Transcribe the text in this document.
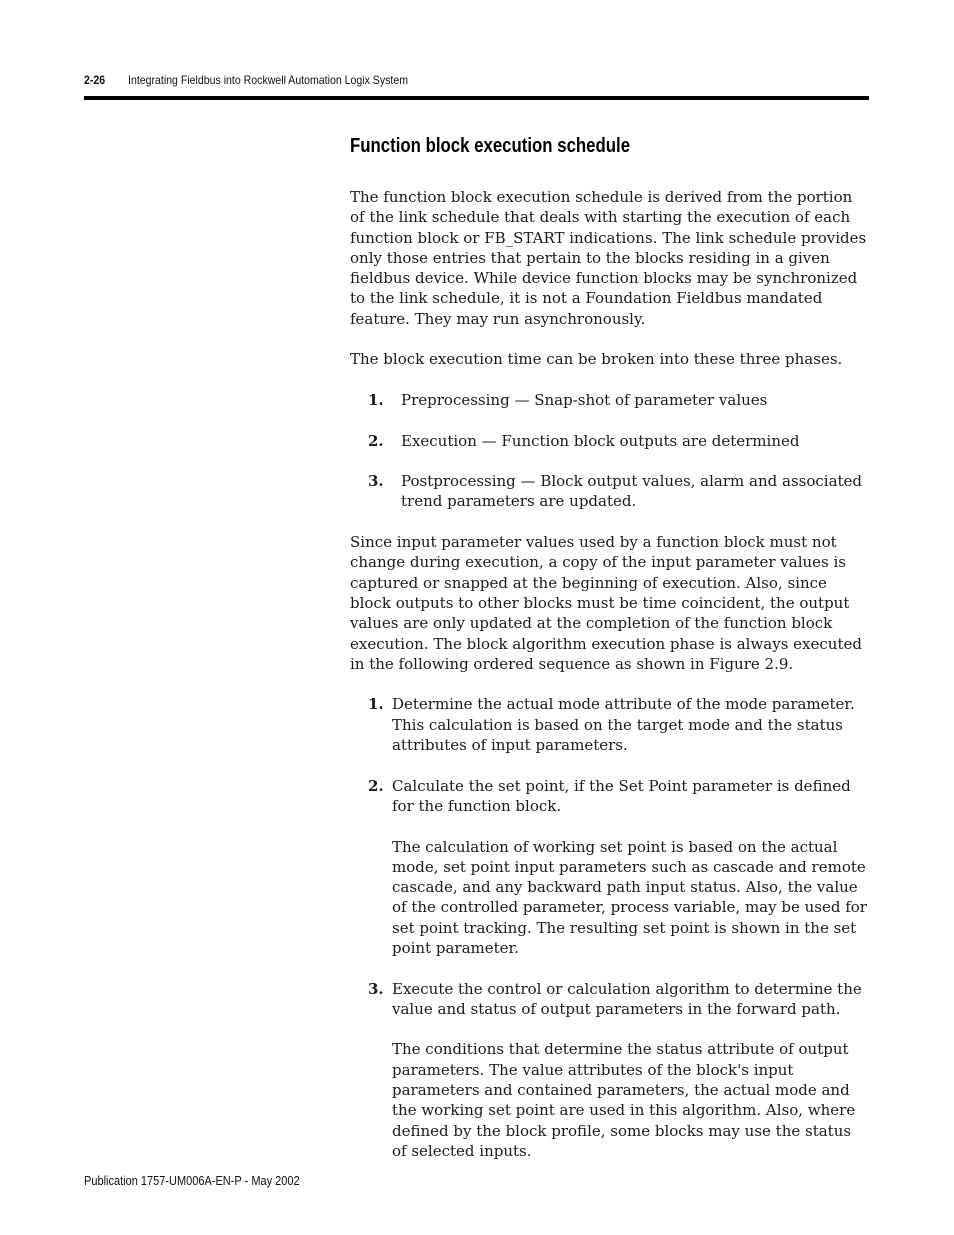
2-26 Integrating Fieldbus into Rockwell Automation Logix System
Function block execution schedule

The function block execution schedule is derived from the portion of the link schedule that deals with starting the execution of each function block or FB_START indications. The link schedule provides only those entries that pertain to the blocks residing in a given fieldbus device. While device function blocks may be synchronized to the link schedule, it is not a Foundation Fieldbus mandated feature. They may run asynchronously.

The block execution time can be broken into these three phases.

1. Preprocessing — Snap-shot of parameter values
2. Execution — Function block outputs are determined
3. Postprocessing — Block output values, alarm and associated trend parameters are updated.

Since input parameter values used by a function block must not change during execution, a copy of the input parameter values is captured or snapped at the beginning of execution. Also, since block outputs to other blocks must be time coincident, the output values are only updated at the completion of the function block execution. The block algorithm execution phase is always executed in the following ordered sequence as shown in Figure 2.9.

1. Determine the actual mode attribute of the mode parameter. This calculation is based on the target mode and the status attributes of input parameters.
2. Calculate the set point, if the Set Point parameter is defined for the function block.
The calculation of working set point is based on the actual mode, set point input parameters such as cascade and remote cascade, and any backward path input status. Also, the value of the controlled parameter, process variable, may be used for set point tracking. The resulting set point is shown in the set point parameter.
3. Execute the control or calculation algorithm to determine the value and status of output parameters in the forward path.
The conditions that determine the status attribute of output parameters. The value attributes of the block's input parameters and contained parameters, the actual mode and the working set point are used in this algorithm. Also, where defined by the block profile, some blocks may use the status of selected inputs.
Publication 1757-UM006A-EN-P - May 2002
